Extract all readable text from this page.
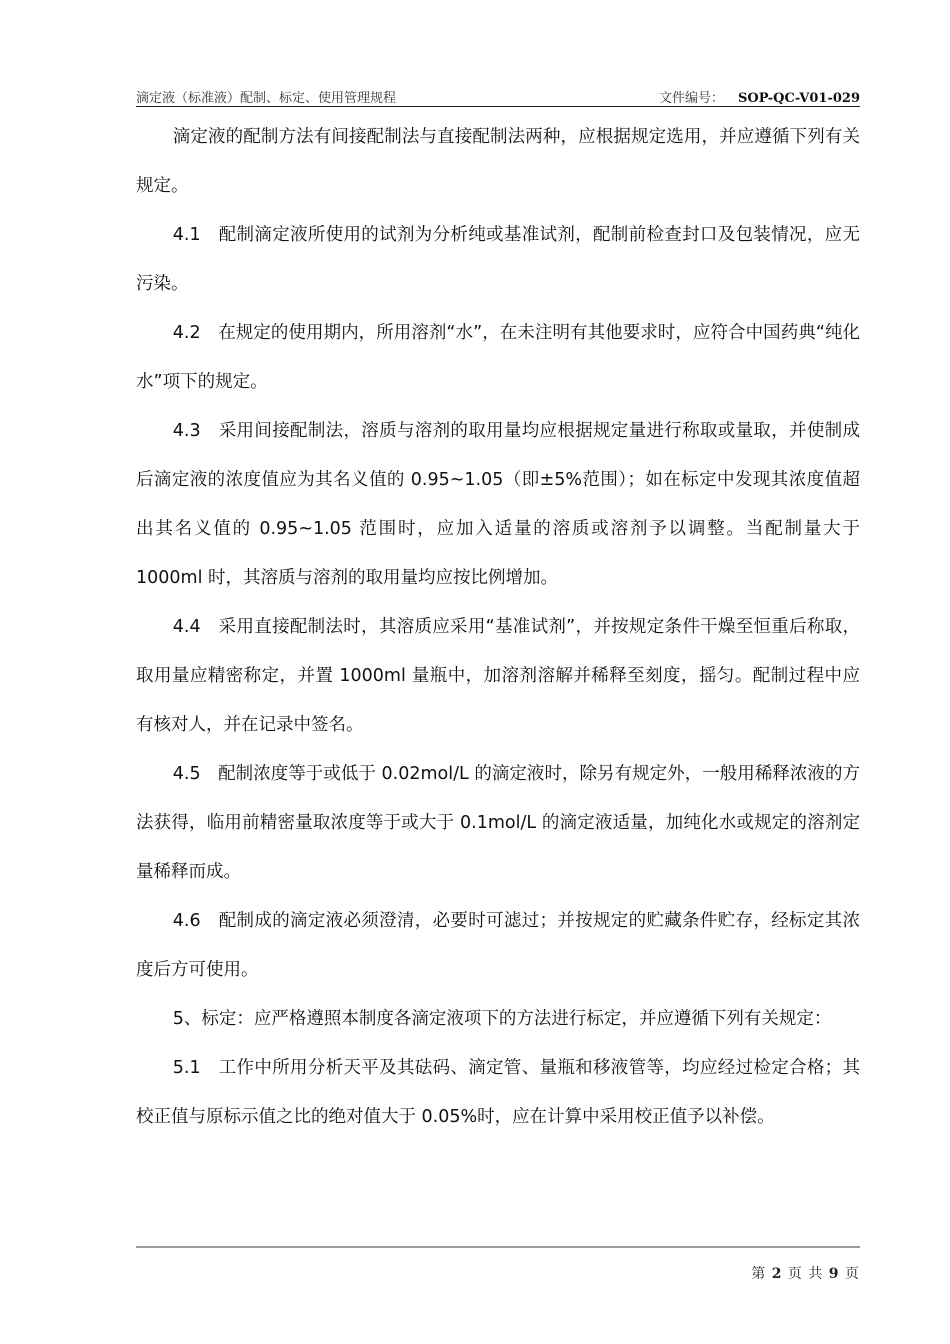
滴定液（标准液）配制、标定、使用管理规程	文件编号： SOP-QC-V01-029

滴定液的配制方法有间接配制法与直接配制法两种，应根据规定选用，并应遵循下列有关规定。

4.1　配制滴定液所使用的试剂为分析纯或基准试剂，配制前检查封口及包装情况，应无污染。

4.2　在规定的使用期内，所用溶剂“水”，在未注明有其他要求时，应符合中国药典“纯化水”项下的规定。

4.3　采用间接配制法，溶质与溶剂的取用量均应根据规定量进行称取或量取，并使制成后滴定液的浓度值应为其名义值的 0.95~1.05（即±5%范围）；如在标定中发现其浓度值超出其名义值的 0.95~1.05 范围时，应加入适量的溶质或溶剂予以调整。当配制量大于 1000ml 时，其溶质与溶剂的取用量均应按比例增加。

4.4　采用直接配制法时，其溶质应采用“基准试剂”，并按规定条件干燥至恒重后称取，取用量应精密称定，并置 1000ml 量瓶中，加溶剂溶解并稀释至刻度，摇匀。配制过程中应有核对人，并在记录中签名。

4.5　配制浓度等于或低于 0.02mol/L 的滴定液时，除另有规定外，一般用稀释浓液的方法获得，临用前精密量取浓度等于或大于 0.1mol/L 的滴定液适量，加纯化水或规定的溶剂定量稀释而成。

4.6　配制成的滴定液必须澄清，必要时可滤过；并按规定的贮藏条件贮存，经标定其浓度后方可使用。

5、标定：应严格遵照本制度各滴定液项下的方法进行标定，并应遵循下列有关规定：

5.1　工作中所用分析天平及其砝码、滴定管、量瓶和移液管等，均应经过检定合格；其校正值与原标示值之比的绝对值大于 0.05%时，应在计算中采用校正值予以补偿。

第 2 页 共 9 页
